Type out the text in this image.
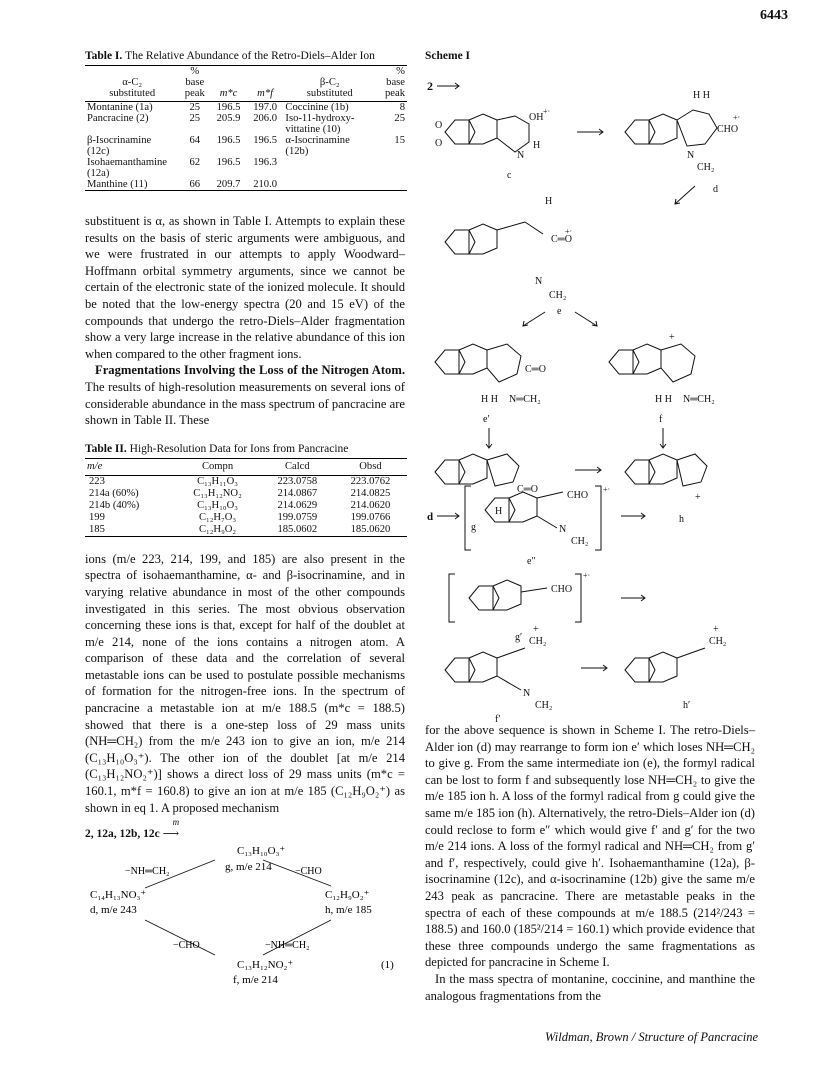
6443
Table I. The Relative Abundance of the Retro-Diels–Alder Ion
α-C₂
substituted	%
base
peak	m*c	m*f	β-C₂
substituted	%
base
peak
Montanine (1a)	25	196.5	197.0	Coccinine (1b)	8
Pancracine (2)	25	205.9	206.0	Iso-11-hydroxy-	25
				vittatine (10)	
β-Isocrinamine	64	196.5	196.5	α-Isocrinamine	15
(12c)				(12b)	
Isohaemanthamine	62	196.5	196.3		
(12a)					
Manthine (11)	66	209.7	210.0		

substituent is α, as shown in Table I. Attempts to explain these results on the basis of steric arguments were ambiguous, and we were frustrated in our attempts to apply Woodward–Hoffmann orbital symmetry arguments, since we cannot be certain of the electronic state of the ionized molecule. It should be noted that the low-energy spectra (20 and 15 eV) of the compounds that undergo the retro-Diels–Alder fragmentation show a very large increase in the relative abundance of this ion when compared to the other fragment ions.

Fragmentations Involving the Loss of the Nitrogen Atom. The results of high-resolution measurements on several ions of considerable abundance in the mass spectrum of pancracine are shown in Table II. These

Table II. High-Resolution Data for Ions from Pancracine
m/e	Compn	Calcd	Obsd
223	C₁₃H₁₁O₃	223.0758	223.0762
214a (60%)	C₁₃H₁₂NO₂	214.0867	214.0825
214b (40%)	C₁₃H₁₀O₃	214.0629	214.0620
199	C₁₂H₇O₃	199.0759	199.0766
185	C₁₂H₉O₂	185.0602	185.0620

ions (m/e 223, 214, 199, and 185) are also present in the spectra of isohaemanthamine, α- and β-isocrinamine, and in varying relative abundance in most of the other compounds investigated in this series. The most obvious observation concerning these ions is that, except for half of the doublet at m/e 214, none of the ions contains a nitrogen atom. A comparison of these data and the correlation of several metastable ions can be used to postulate possible mechanisms of formation for the nitrogen-free ions. In the spectrum of pancracine a metastable ion at m/e 188.5 (m*c = 188.5) showed that there is a one-step loss of 29 mass units (NH═CH₂) from the m/e 243 ion to give an ion, m/e 214 (C₁₃H₁₀O₃⁺). The other ion of the doublet [at m/e 214 (C₁₃H₁₂NO₂⁺)] shows a direct loss of 29 mass units (m*c = 160.1, m*f = 160.8) to give an ion at m/e 185 (C₁₂H₉O₂⁺) as shown in eq 1. A proposed mechanism

2, 12a, 12b, 12c
m
⟶
C₁₃H₁₀O₃⁺
g, m/e 214
C₁₄H₁₃NO₃⁺
d, m/e 243
C₁₂H₉O₂⁺
h, m/e 185
C₁₃H₁₂NO₂⁺
f, m/e 214
−NH═CH₂	−CHO
−CHO	−NH═CH₂
(1)
Scheme I
2
O
O
N
OH
+·
H
c
H H
CHO
+·
N
CH₂
d
C═O
+·
H
N
CH₂
e
C═O
H H N═CH₂
e′
+
H H N═CH₂
f
C═O
H
g
+
h
d
CHO
N
CH₂
+·
e″
CHO
+·
g′ CH₂
+
N
CH₂
f′
CH₂
+
h′

for the above sequence is shown in Scheme I. The retro-Diels–Alder ion (d) may rearrange to form ion e′ which loses NH═CH₂ to give g. From the same intermediate ion (e), the formyl radical can be lost to form f and subsequently lose NH═CH₂ to give the m/e 185 ion h. A loss of the formyl radical from g could give the same m/e 185 ion (h). Alternatively, the retro-Diels–Alder ion (d) could reclose to form e″ which would give f′ and g′ for the two m/e 214 ions. A loss of the formyl radical and NH═CH₂ from g′ and f′, respectively, could give h′. Isohaemanthamine (12a), β-isocrinamine (12c), and α-isocrinamine (12b) give the same m/e 243 peak as pancracine. There are metastable peaks in the spectra of each of these compounds at m/e 188.5 (214²/243 = 188.5) and 160.0 (185²/214 = 160.1) which provide evidence that these three compounds undergo the same fragmentations as depicted for pancracine in Scheme I.

In the mass spectra of montanine, coccinine, and manthine the analogous fragmentations from the

Wildman, Brown / Structure of Pancracine
